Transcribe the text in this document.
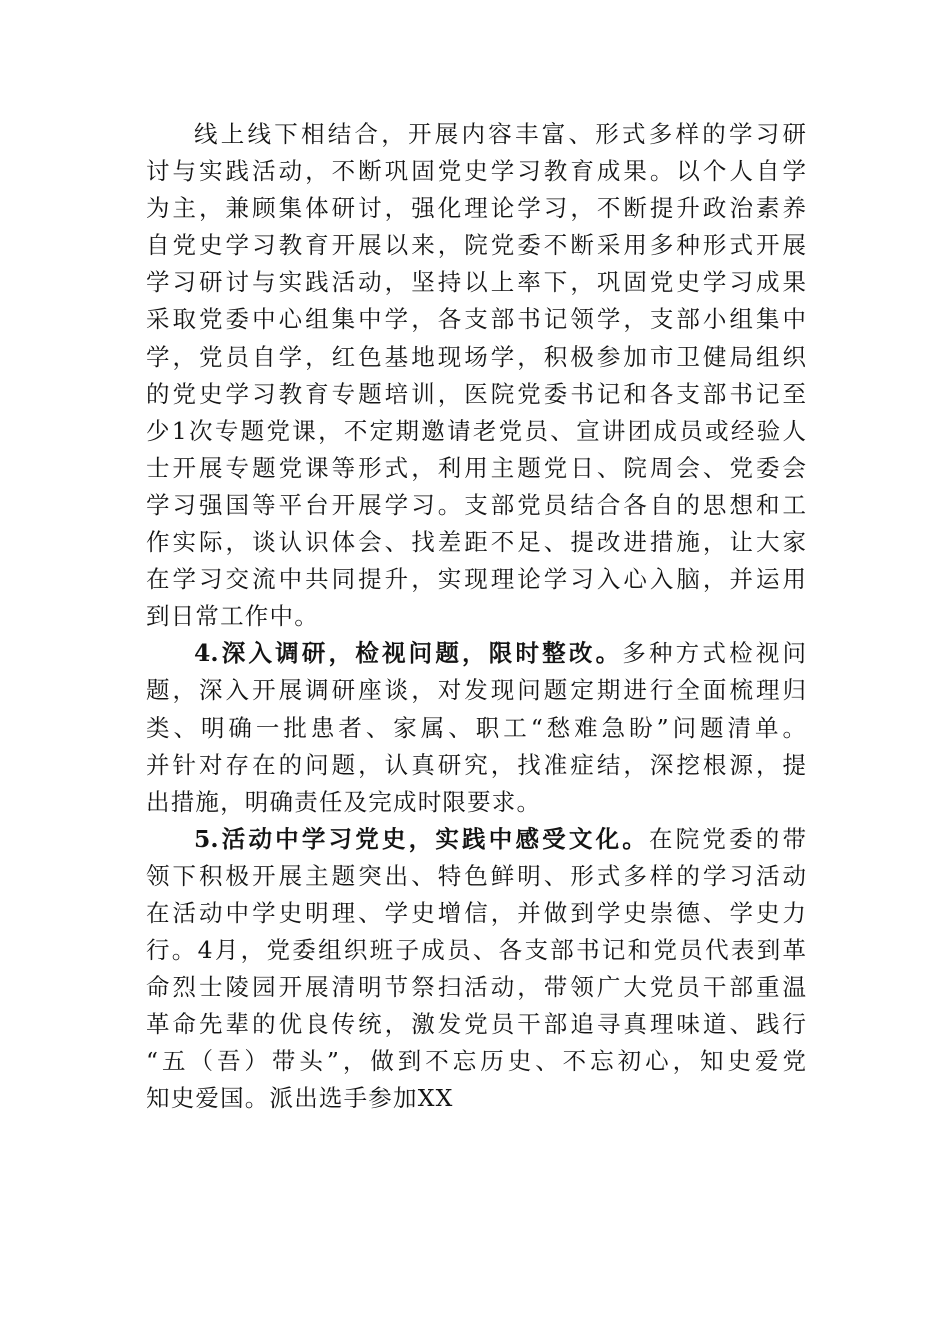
线上线下相结合，开展内容丰富、形式多样的学习研
讨与实践活动，不断巩固党史学习教育成果。以个人自学
为主，兼顾集体研讨，强化理论学习，不断提升政治素养
自党史学习教育开展以来，院党委不断采用多种形式开展
学习研讨与实践活动，坚持以上率下，巩固党史学习成果
采取党委中心组集中学，各支部书记领学，支部小组集中
学，党员自学，红色基地现场学，积极参加市卫健局组织
的党史学习教育专题培训，医院党委书记和各支部书记至
少1次专题党课，不定期邀请老党员、宣讲团成员或经验人
士开展专题党课等形式，利用主题党日、院周会、党委会
学习强国等平台开展学习。支部党员结合各自的思想和工
作实际，谈认识体会、找差距不足、提改进措施，让大家
在学习交流中共同提升，实现理论学习入心入脑，并运用
到日常工作中。
4.深入调研，检视问题，限时整改。多种方式检视问
题，深入开展调研座谈，对发现问题定期进行全面梳理归
类、明确一批患者、家属、职工“愁难急盼”问题清单。
并针对存在的问题，认真研究，找准症结，深挖根源，提
出措施，明确责任及完成时限要求。
5.活动中学习党史，实践中感受文化。在院党委的带
领下积极开展主题突出、特色鲜明、形式多样的学习活动
在活动中学史明理、学史增信，并做到学史崇德、学史力
行。4月，党委组织班子成员、各支部书记和党员代表到革
命烈士陵园开展清明节祭扫活动，带领广大党员干部重温
革命先辈的优良传统，激发党员干部追寻真理味道、践行
“五（吾）带头”，做到不忘历史、不忘初心，知史爱党
知史爱国。派出选手参加XX
